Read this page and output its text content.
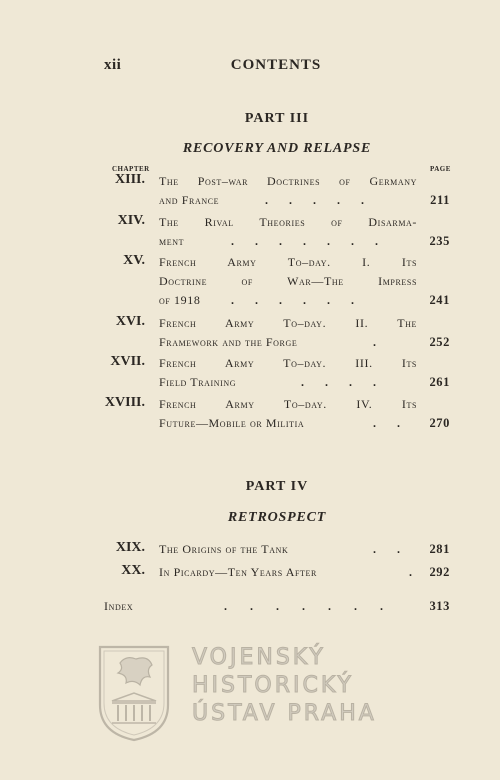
xii	CONTENTS
PART III
RECOVERY AND RELAPSE
CHAPTER	PAGE
XIII. The Post–war Doctrines of Germany
and France	. . . . .	211
XIV. The Rival Theories of Disarma-
ment	. . . . . . .	235
XV. French Army To–day. I. Its
Doctrine of War—The Impress
of 1918	. . . . . .	241
XVI. French Army To–day. II. The
Framework and the Forge	.	252
XVII. French Army To–day. III. Its
Field Training	. . . .	261
XVIII. French Army To–day. IV. Its
Future—Mobile or Militia	. . 270
PART IV
RETROSPECT
XIX. The Origins of the Tank	. . 281
XX. In Picardy—Ten Years After	. 292
Index	. . . . . . .	313
VOJENSKÝ
HISTORICKÝ
ÚSTAV PRAHA
